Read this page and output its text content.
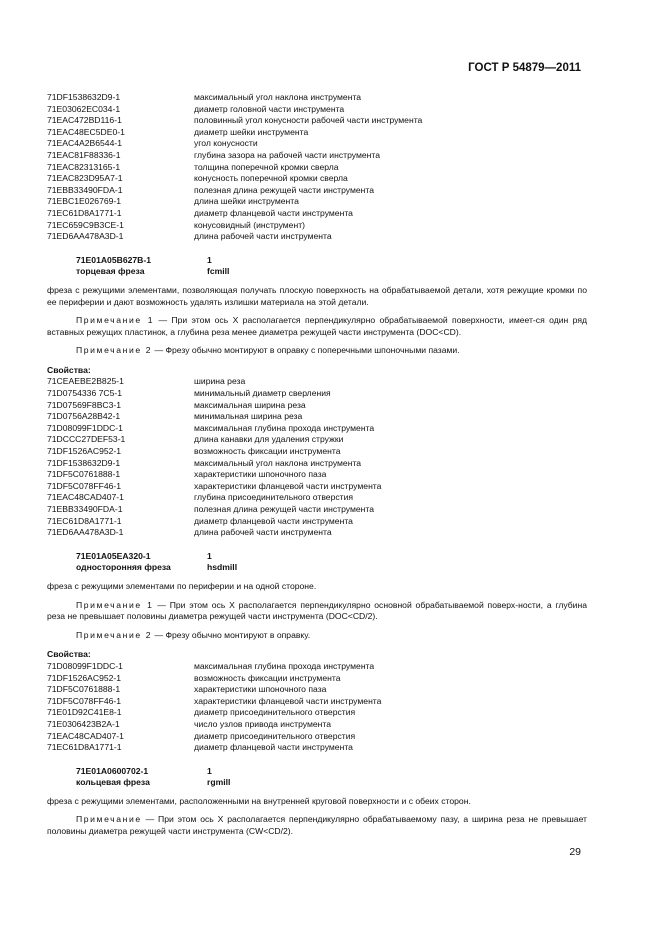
ГОСТ Р 54879—2011
71DF1538632D9-1	максимальный угол наклона инструмента
71E03062EC034-1	диаметр головной части инструмента
71EAC472BD116-1	половинный угол конусности рабочей части инструмента
71EAC48EC5DE0-1	диаметр шейки инструмента
71EAC4A2B6544-1	угол конусности
71EAC81F88336-1	глубина зазора на рабочей части инструмента
71EAC82313165-1	толщина поперечной кромки сверла
71EAC823D95A7-1	конусность поперечной кромки сверла
71EBB33490FDA-1	полезная длина режущей части инструмента
71EBC1E026769-1	длина шейки инструмента
71EC61D8A1771-1	диаметр фланцевой части инструмента
71EC659C9B3CE-1	конусовидный (инструмент)
71ED6AA478A3D-1	длина рабочей части инструмента
71E01A05B627B-1	1
торцевая фреза	fcmill
фреза с режущими элементами, позволяющая получать плоскую поверхность на обрабатываемой детали, хотя режущие кромки по ее периферии и дают возможность удалять излишки материала на этой детали.
Примечание 1 — При этом ось X располагается перпендикулярно обрабатываемой поверхности, имеет-ся один ряд вставных режущих пластинок, а глубина реза менее диаметра режущей части инструмента (DOC<CD).
Примечание 2 — Фрезу обычно монтируют в оправку с поперечными шпоночными пазами.
Свойства:
71CEAEBE2B825-1	ширина реза
71D0754336 7C5-1	минимальный диаметр сверления
71D07569F8BC3-1	максимальная ширина реза
71D0756A28B42-1	минимальная ширина реза
71D08099F1DDC-1	максимальная глубина прохода инструмента
71DCCC27DEF53-1	длина канавки для удаления стружки
71DF1526AC952-1	возможность фиксации инструмента
71DF1538632D9-1	максимальный угол наклона инструмента
71DF5C0761888-1	характеристики шпоночного паза
71DF5C078FF46-1	характеристики фланцевой части инструмента
71EAC48CAD407-1	глубина присоединительного отверстия
71EBB33490FDA-1	полезная длина режущей части инструмента
71EC61D8A1771-1	диаметр фланцевой части инструмента
71ED6AA478A3D-1	длина рабочей части инструмента
71E01A05EA320-1	1
односторонняя фреза	hsdmill
фреза с режущими элементами по периферии и на одной стороне.
Примечание 1 — При этом ось X располагается перпендикулярно основной обрабатываемой поверх-ности, а глубина реза не превышает половины диаметра режущей части инструмента (DOC<CD/2).
Примечание 2 — Фрезу обычно монтируют в оправку.
Свойства:
71D08099F1DDC-1	максимальная глубина прохода инструмента
71DF1526AC952-1	возможность фиксации инструмента
71DF5C0761888-1	характеристики шпоночного паза
71DF5C078FF46-1	характеристики фланцевой части инструмента
71E01D92C41E8-1	диаметр присоединительного отверстия
71E0306423B2A-1	число узлов привода инструмента
71EAC48CAD407-1	диаметр присоединительного отверстия
71EC61D8A1771-1	диаметр фланцевой части инструмента
71E01A0600702-1	1
кольцевая фреза	rgmill
фреза с режущими элементами, расположенными на внутренней круговой поверхности и с обеих сторон.
Примечание — При этом ось X располагается перпендикулярно обрабатываемому пазу, а ширина реза не превышает половины диаметра режущей части инструмента (CW<CD/2).
29
